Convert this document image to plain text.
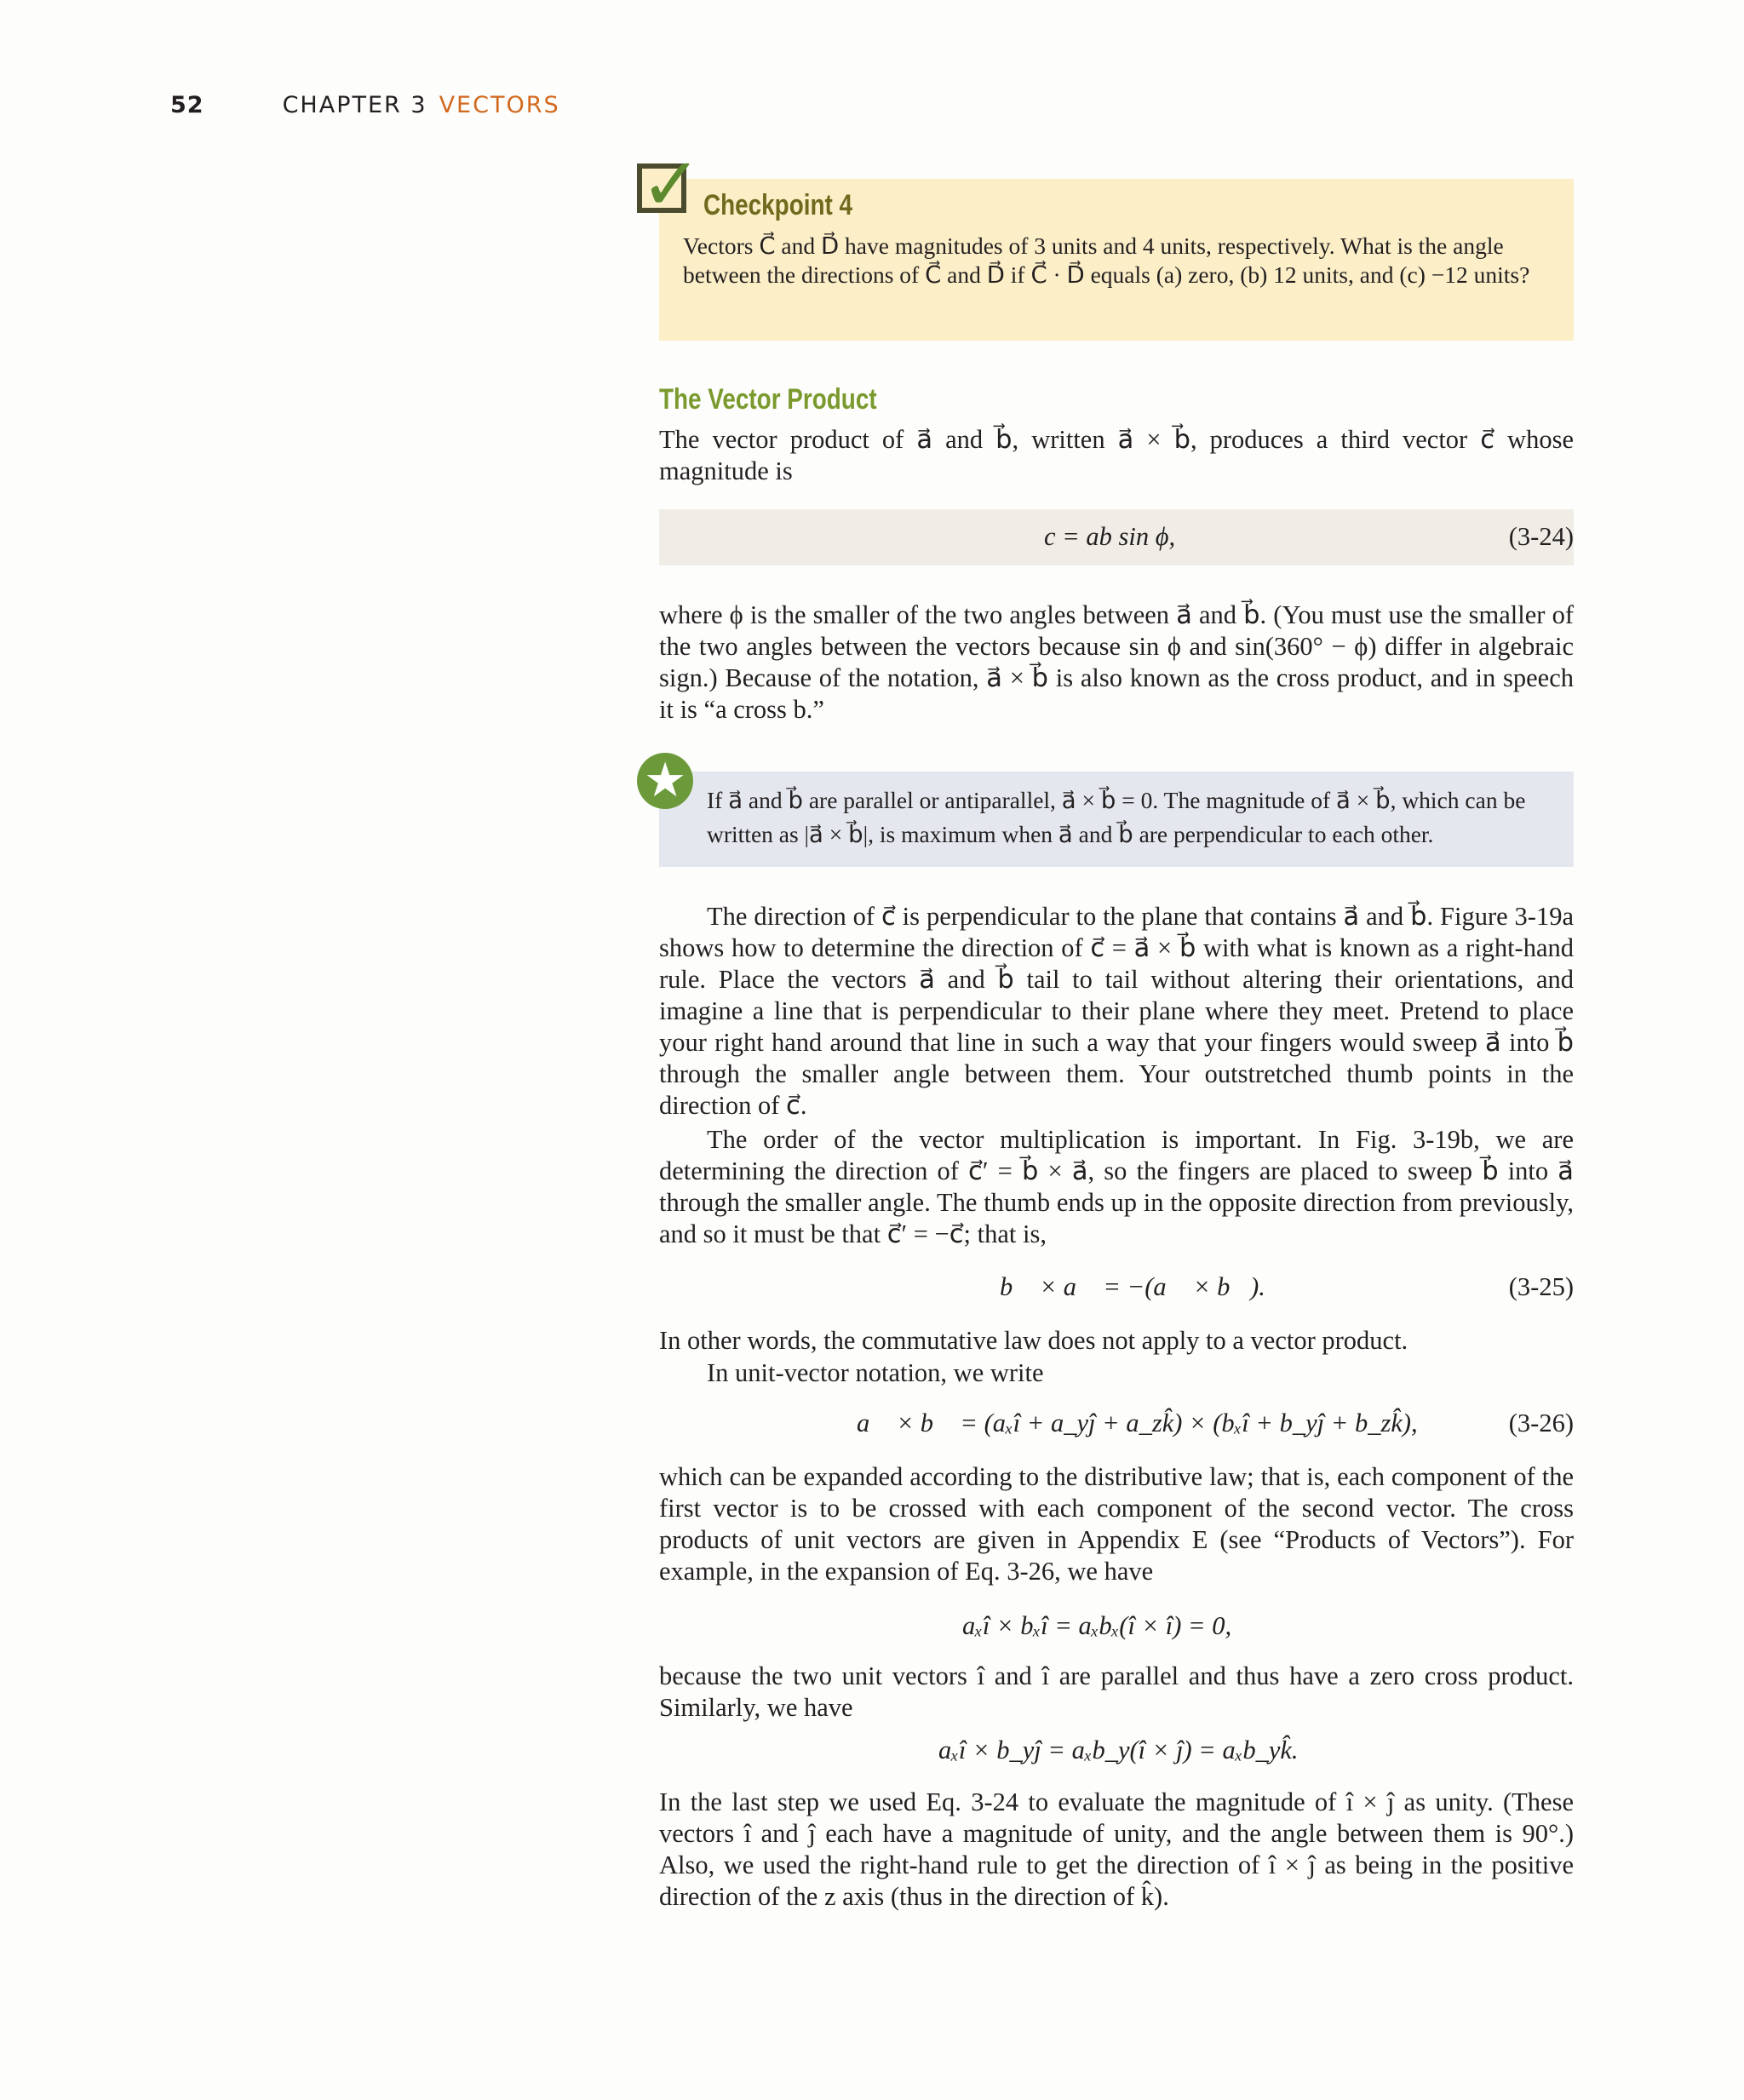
52	CHAPTER 3 VECTORS
✓ Checkpoint 4
Vectors C⃗ and D⃗ have magnitudes of 3 units and 4 units, respectively. What is the angle between the directions of C⃗ and D⃗ if C⃗ · D⃗ equals (a) zero, (b) 12 units, and (c) −12 units?
The Vector Product
The vector product of a⃗ and b⃗, written a⃗ × b⃗, produces a third vector c⃗ whose magnitude is
c = ab sin ϕ,	(3-24)
where ϕ is the smaller of the two angles between a⃗ and b⃗. (You must use the smaller of the two angles between the vectors because sin ϕ and sin(360° − ϕ) differ in algebraic sign.) Because of the notation, a⃗ × b⃗ is also known as the cross product, and in speech it is “a cross b.”
★ If a⃗ and b⃗ are parallel or antiparallel, a⃗ × b⃗ = 0. The magnitude of a⃗ × b⃗, which can be written as |a⃗ × b⃗|, is maximum when a⃗ and b⃗ are perpendicular to each other.
The direction of c⃗ is perpendicular to the plane that contains a⃗ and b⃗. Figure 3-19a shows how to determine the direction of c⃗ = a⃗ × b⃗ with what is known as a right-hand rule. Place the vectors a⃗ and b⃗ tail to tail without altering their orientations, and imagine a line that is perpendicular to their plane where they meet. Pretend to place your right hand around that line in such a way that your fingers would sweep a⃗ into b⃗ through the smaller angle between them. Your outstretched thumb points in the direction of c⃗.
The order of the vector multiplication is important. In Fig. 3-19b, we are determining the direction of c⃗′ = b⃗ × a⃗, so the fingers are placed to sweep b⃗ into a⃗ through the smaller angle. The thumb ends up in the opposite direction from previously, and so it must be that c⃗′ = −c⃗; that is,
b⃗ × a⃗ = −(a⃗ × b⃗).	(3-25)
In other words, the commutative law does not apply to a vector product.
In unit-vector notation, we write
a⃗ × b⃗ = (aₓî + a_yĵ + a_zk̂) × (bₓî + b_yĵ + b_zk̂),	(3-26)
which can be expanded according to the distributive law; that is, each component of the first vector is to be crossed with each component of the second vector. The cross products of unit vectors are given in Appendix E (see “Products of Vectors”). For example, in the expansion of Eq. 3-26, we have
aₓî × bₓî = aₓbₓ(î × î) = 0,
because the two unit vectors î and î are parallel and thus have a zero cross product. Similarly, we have
aₓî × b_yĵ = aₓb_y(î × ĵ) = aₓb_yk̂.
In the last step we used Eq. 3-24 to evaluate the magnitude of î × ĵ as unity. (These vectors î and ĵ each have a magnitude of unity, and the angle between them is 90°.) Also, we used the right-hand rule to get the direction of î × ĵ as being in the positive direction of the z axis (thus in the direction of k̂).
